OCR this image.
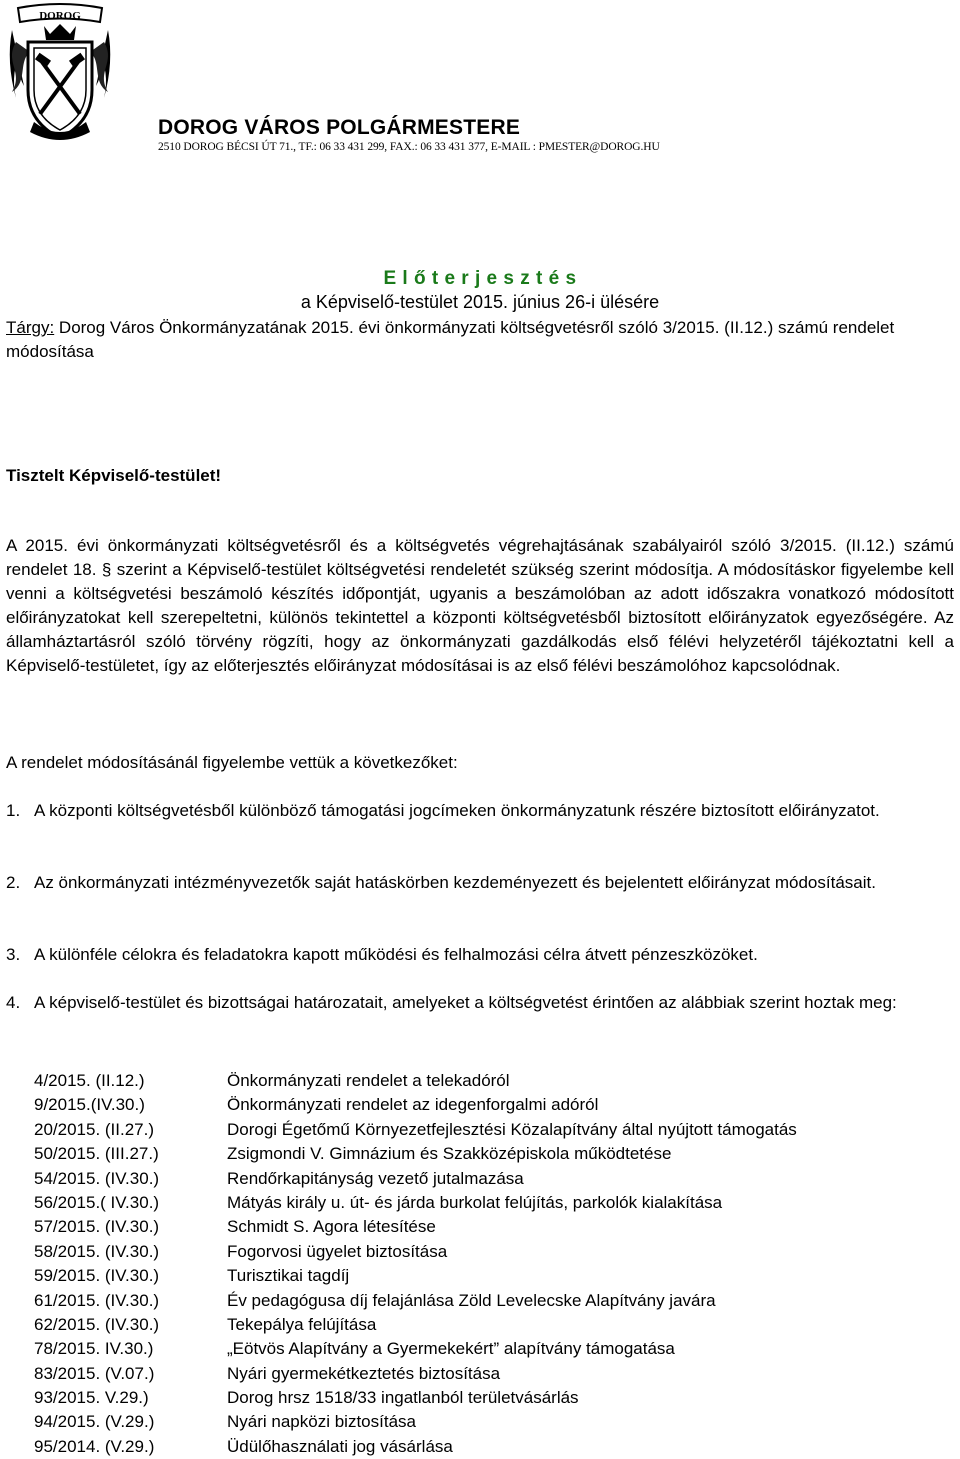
DOROG
DOROG VÁROS POLGÁRMESTERE
2510 DOROG BÉCSI ÚT 71., TF.: 06 33 431 299, FAX.: 06 33 431 377, E-MAIL : PMESTER@DOROG.HU
E l ő t e r j e s z t é s
a Képviselő-testület 2015. június 26-i ülésére
Tárgy: Dorog Város Önkormányzatának 2015. évi önkormányzati költségvetésről szóló 3/2015. (II.12.) számú rendelet módosítása
Tisztelt Képviselő-testület!
A 2015. évi önkormányzati költségvetésről és a költségvetés végrehajtásának szabályairól szóló 3/2015. (II.12.) számú rendelet 18. § szerint a Képviselő-testület költségvetési rendeletét szükség szerint módosítja. A módosításkor figyelembe kell venni a költségvetési beszámoló készítés időpontját, ugyanis a beszámolóban az adott időszakra vonatkozó módosított előirányzatokat kell szerepeltetni, különös tekintettel a központi költségvetésből biztosított előirányzatok egyezőségére. Az államháztartásról szóló törvény rögzíti, hogy az önkormányzati gazdálkodás első félévi helyzetéről tájékoztatni kell a Képviselő-testületet, így az előterjesztés előirányzat módosításai is az első félévi beszámolóhoz kapcsolódnak.
A rendelet módosításánál figyelembe vettük a következőket:
1. A központi költségvetésből különböző támogatási jogcímeken önkormányzatunk részére biztosított előirányzatot.
2. Az önkormányzati intézményvezetők saját hatáskörben kezdeményezett és bejelentett előirányzat módosításait.
3. A különféle célokra és feladatokra kapott működési és felhalmozási célra átvett pénzeszközöket.
4. A képviselő-testület és bizottságai határozatait, amelyeket a költségvetést érintően az alábbiak szerint hoztak meg:
4/2015. (II.12.)	Önkormányzati rendelet a telekadóról
9/2015.(IV.30.)	Önkormányzati rendelet az idegenforgalmi adóról
20/2015. (II.27.)	Dorogi Égetőmű Környezetfejlesztési Közalapítvány által nyújtott támogatás
50/2015. (III.27.)	Zsigmondi V. Gimnázium és Szakközépiskola működtetése
54/2015. (IV.30.)	Rendőrkapitányság vezető jutalmazása
56/2015.( IV.30.)	Mátyás király u. út- és járda burkolat felújítás, parkolók kialakítása
57/2015. (IV.30.)	Schmidt S. Agora létesítése
58/2015. (IV.30.)	Fogorvosi ügyelet biztosítása
59/2015. (IV.30.)	Turisztikai tagdíj
61/2015. (IV.30.)	Év pedagógusa díj felajánlása Zöld Levelecske Alapítvány javára
62/2015. (IV.30.)	Tekepálya felújítása
78/2015. IV.30.)	„Eötvös Alapítvány a Gyermekekért” alapítvány támogatása
83/2015. (V.07.)	Nyári gyermekétkeztetés biztosítása
93/2015. V.29.)	Dorog hrsz 1518/33 ingatlanból területvásárlás
94/2015. (V.29.)	Nyári napközi biztosítása
95/2014. (V.29.)	Üdülőhasználati jog vásárlása
